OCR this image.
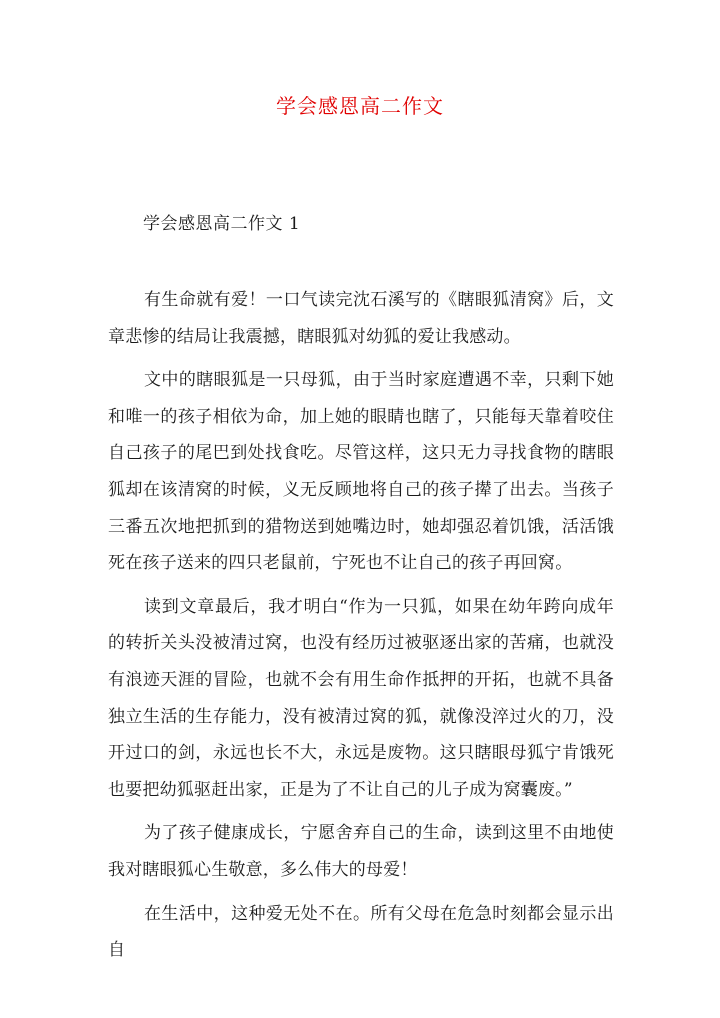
学会感恩高二作文
学会感恩高二作文 1

有生命就有爱！一口气读完沈石溪写的《瞎眼狐清窝》后，文章悲惨的结局让我震撼，瞎眼狐对幼狐的爱让我感动。

文中的瞎眼狐是一只母狐，由于当时家庭遭遇不幸，只剩下她和唯一的孩子相依为命，加上她的眼睛也瞎了，只能每天靠着咬住自己孩子的尾巴到处找食吃。尽管这样，这只无力寻找食物的瞎眼狐却在该清窝的时候，义无反顾地将自己的孩子撵了出去。当孩子三番五次地把抓到的猎物送到她嘴边时，她却强忍着饥饿，活活饿死在孩子送来的四只老鼠前，宁死也不让自己的孩子再回窝。

读到文章最后，我才明白“作为一只狐，如果在幼年跨向成年的转折关头没被清过窝，也没有经历过被驱逐出家的苦痛，也就没有浪迹天涯的冒险，也就不会有用生命作抵押的开拓，也就不具备独立生活的生存能力，没有被清过窝的狐，就像没淬过火的刀，没开过口的剑，永远也长不大，永远是废物。这只瞎眼母狐宁肯饿死也要把幼狐驱赶出家，正是为了不让自己的儿子成为窝囊废。”

为了孩子健康成长，宁愿舍弃自己的生命，读到这里不由地使我对瞎眼狐心生敬意，多么伟大的母爱！

在生活中，这种爱无处不在。所有父母在危急时刻都会显示出自
